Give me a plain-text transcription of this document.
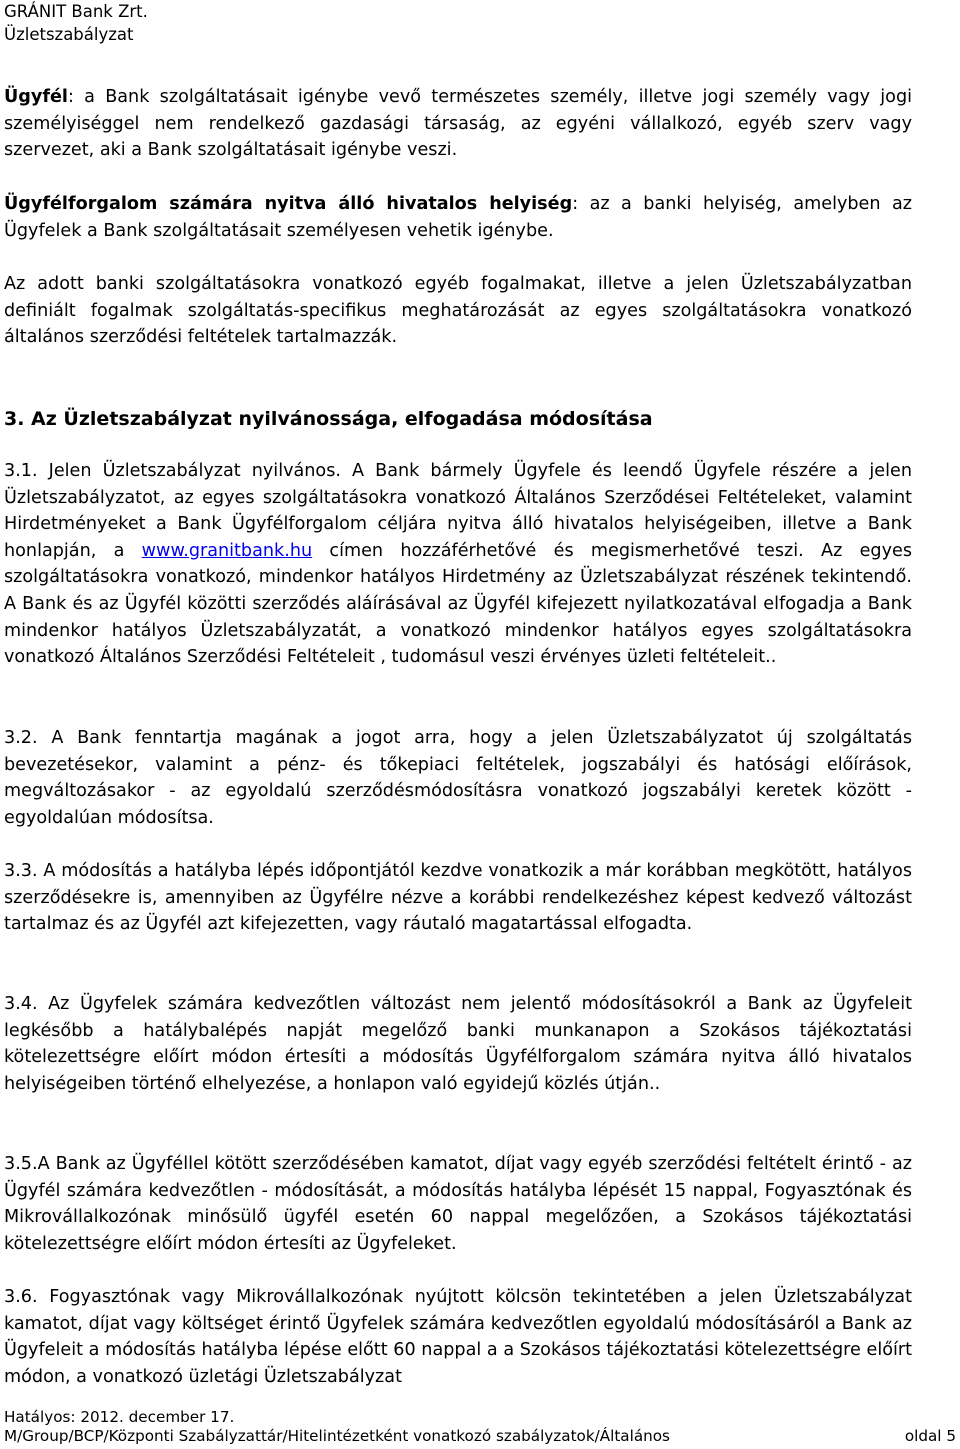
GRÁNIT Bank Zrt.
Üzletszabályzat
Ügyfél: a Bank szolgáltatásait igénybe vevő természetes személy, illetve jogi személy vagy jogi személyiséggel nem rendelkező gazdasági társaság, az egyéni vállalkozó, egyéb szerv vagy szervezet, aki a Bank szolgáltatásait igénybe veszi.
Ügyfélforgalom számára nyitva álló hivatalos helyiség: az a banki helyiség, amelyben az Ügyfelek a Bank szolgáltatásait személyesen vehetik igénybe.
Az adott banki szolgáltatásokra vonatkozó egyéb fogalmakat, illetve a jelen Üzletszabályzatban definiált fogalmak szolgáltatás-specifikus meghatározását az egyes szolgáltatásokra vonatkozó általános szerződési feltételek tartalmazzák.
3. Az Üzletszabályzat nyilvánossága, elfogadása módosítása
3.1. Jelen Üzletszabályzat nyilvános. A Bank bármely Ügyfele és leendő Ügyfele részére a jelen Üzletszabályzatot, az egyes szolgáltatásokra vonatkozó Általános Szerződései Feltételeket, valamint Hirdetményeket a Bank Ügyfélforgalom céljára nyitva álló hivatalos helyiségeiben, illetve a Bank honlapján, a www.granitbank.hu címen hozzáférhetővé és megismerhetővé teszi. Az egyes szolgáltatásokra vonatkozó, mindenkor hatályos Hirdetmény az Üzletszabályzat részének tekintendő. A Bank és az Ügyfél közötti szerződés aláírásával az Ügyfél kifejezett nyilatkozatával elfogadja a Bank mindenkor hatályos Üzletszabályzatát, a vonatkozó mindenkor hatályos egyes szolgáltatásokra vonatkozó Általános Szerződési Feltételeit , tudomásul veszi érvényes üzleti feltételeit..
3.2. A Bank fenntartja magának a jogot arra, hogy a jelen Üzletszabályzatot új szolgáltatás bevezetésekor, valamint a pénz- és tőkepiaci feltételek, jogszabályi és hatósági előírások, megváltozásakor - az egyoldalú szerződésmódosításra vonatkozó jogszabályi keretek között - egyoldalúan módosítsa.
3.3. A módosítás a hatályba lépés időpontjától kezdve vonatkozik a már korábban megkötött, hatályos szerződésekre is, amennyiben az Ügyfélre nézve a korábbi rendelkezéshez képest kedvező változást tartalmaz és az Ügyfél azt kifejezetten, vagy ráutaló magatartással elfogadta.
3.4. Az Ügyfelek számára kedvezőtlen változást nem jelentő módosításokról a Bank az Ügyfeleit legkésőbb a hatálybalépés napját megelőző banki munkanapon a Szokásos tájékoztatási kötelezettségre előírt módon értesíti a módosítás Ügyfélforgalom számára nyitva álló hivatalos helyiségeiben történő elhelyezése, a honlapon való egyidejű közlés útján..
3.5.A Bank az Ügyféllel kötött szerződésében kamatot, díjat vagy egyéb szerződési feltételt érintő - az Ügyfél számára kedvezőtlen - módosítását, a módosítás hatályba lépését 15 nappal, Fogyasztónak és Mikrovállalkozónak minősülő ügyfél esetén 60 nappal megelőzően, a Szokásos tájékoztatási kötelezettségre előírt módon értesíti az Ügyfeleket.
3.6. Fogyasztónak vagy Mikrovállalkozónak nyújtott kölcsön tekintetében a jelen Üzletszabályzat kamatot, díjat vagy költséget érintő Ügyfelek számára kedvezőtlen egyoldalú módosításáról a Bank az Ügyfeleit a módosítás hatályba lépése előtt 60 nappal a a Szokásos tájékoztatási kötelezettségre előírt módon, a vonatkozó üzletági Üzletszabályzat
Hatályos: 2012. december 17.
M/Group/BCP/Központi Szabályzattár/Hitelintézetként vonatkozó szabályzatok/Általános	oldal 5
